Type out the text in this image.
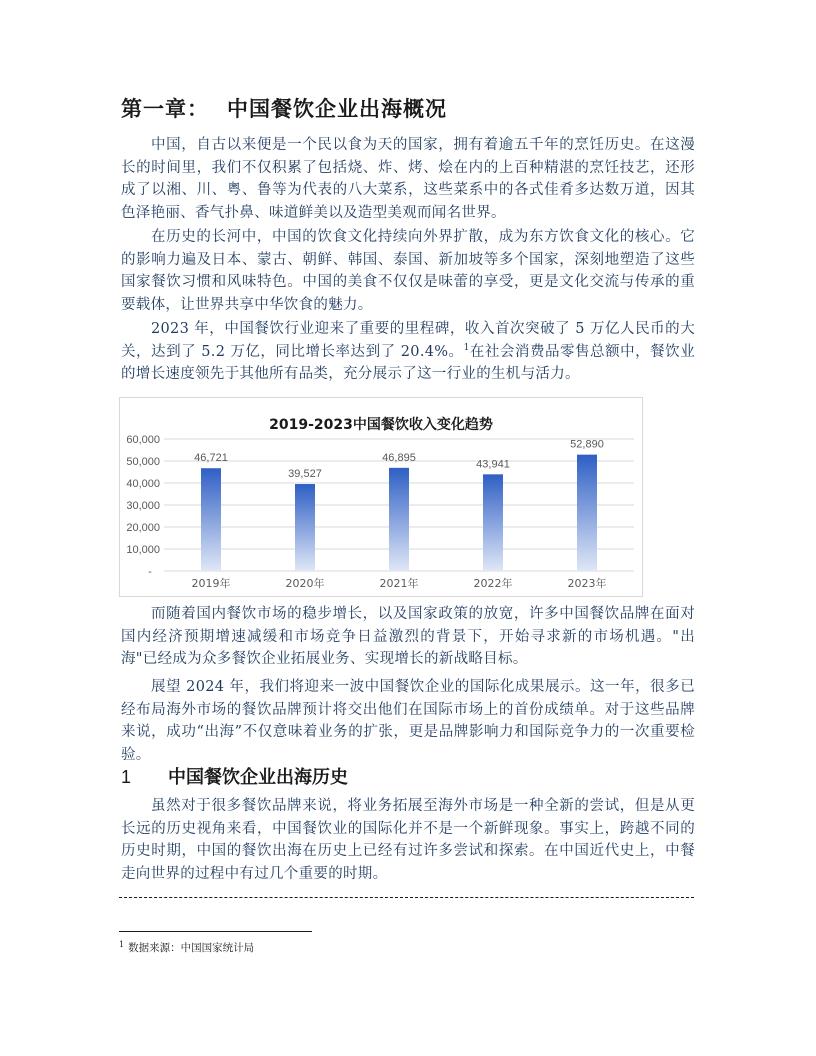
第一章： 中国餐饮企业出海概况

中国，自古以来便是一个民以食为天的国家，拥有着逾五千年的烹饪历史。在这漫长的时间里，我们不仅积累了包括烧、炸、烤、烩在内的上百种精湛的烹饪技艺，还形成了以湘、川、粤、鲁等为代表的八大菜系，这些菜系中的各式佳肴多达数万道，因其色泽艳丽、香气扑鼻、味道鲜美以及造型美观而闻名世界。

在历史的长河中，中国的饮食文化持续向外界扩散，成为东方饮食文化的核心。它的影响力遍及日本、蒙古、朝鲜、韩国、泰国、新加坡等多个国家，深刻地塑造了这些国家餐饮习惯和风味特色。中国的美食不仅仅是味蕾的享受，更是文化交流与传承的重要载体，让世界共享中华饮食的魅力。

2023 年，中国餐饮行业迎来了重要的里程碑，收入首次突破了 5 万亿人民币的大关，达到了 5.2 万亿，同比增长率达到了 20.4%。$^1$在社会消费品零售总额中，餐饮业的增长速度领先于其他所有品类，充分展示了这一行业的生机与活力。

2019-2023中国餐饮收入变化趋势
-
10,000
20,000
30,000
40,000
50,000
60,000
46,721
2019年
39,527
2020年
46,895
2021年
43,941
2022年
52,890
2023年

而随着国内餐饮市场的稳步增长，以及国家政策的放宽，许多中国餐饮品牌在面对国内经济预期增速减缓和市场竞争日益激烈的背景下，开始寻求新的市场机遇。"出海"已经成为众多餐饮企业拓展业务、实现增长的新战略目标。

展望 2024 年，我们将迎来一波中国餐饮企业的国际化成果展示。这一年，很多已经布局海外市场的餐饮品牌预计将交出他们在国际市场上的首份成绩单。对于这些品牌来说，成功“出海”不仅意味着业务的扩张，更是品牌影响力和国际竞争力的一次重要检验。

1 中国餐饮企业出海历史

虽然对于很多餐饮品牌来说，将业务拓展至海外市场是一种全新的尝试，但是从更长远的历史视角来看，中国餐饮业的国际化并不是一个新鲜现象。事实上，跨越不同的历史时期，中国的餐饮出海在历史上已经有过许多尝试和探索。在中国近代史上，中餐走向世界的过程中有过几个重要的时期。

$^1$ 数据来源：中国国家统计局
